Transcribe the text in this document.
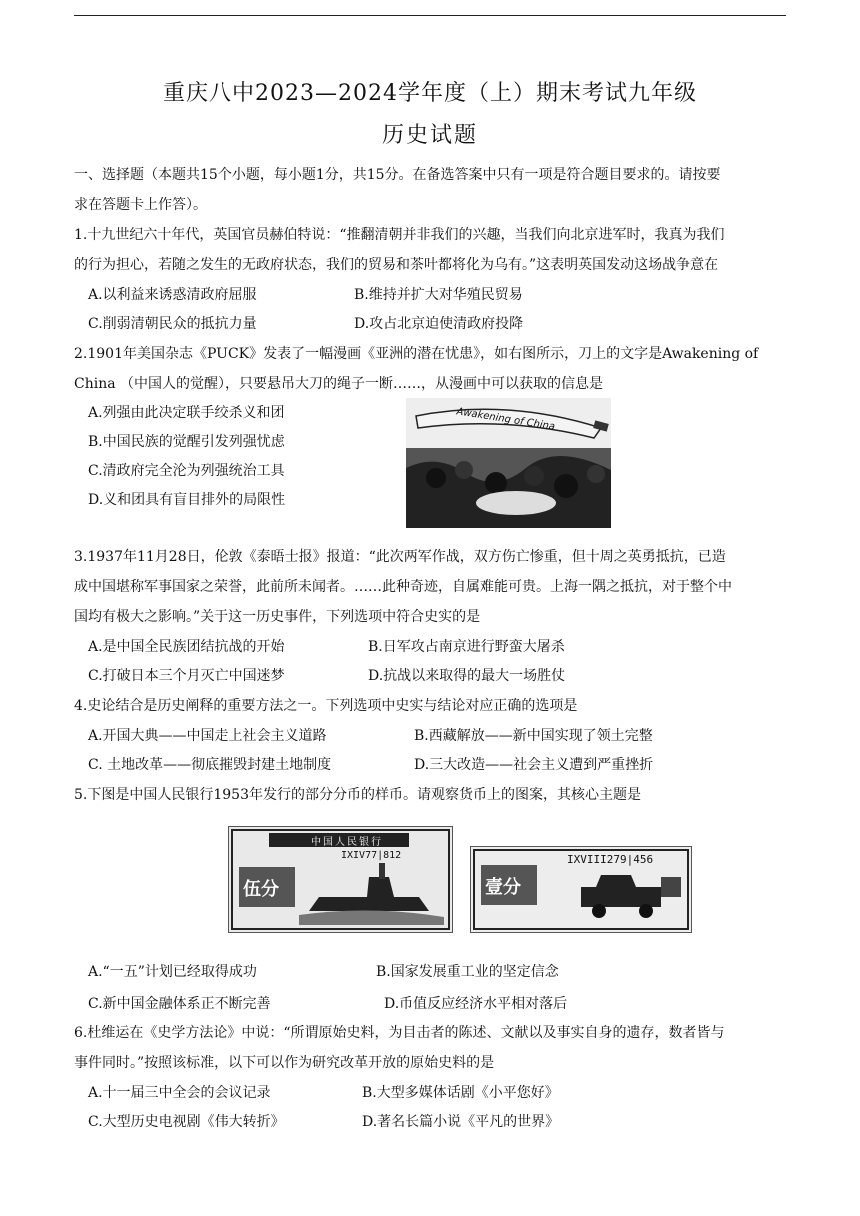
重庆八中2023—2024学年度（上）期末考试九年级
历史试题
一、选择题（本题共15个小题，每小题1分，共15分。在备选答案中只有一项是符合题目要求的。请按要
求在答题卡上作答）。
1.十九世纪六十年代，英国官员赫伯特说：“推翻清朝并非我们的兴趣，当我们向北京进军时，我真为我们
的行为担心，若随之发生的无政府状态，我们的贸易和茶叶都将化为乌有。”这表明英国发动这场战争意在
A.以利益来诱惑清政府屈服	B.维持并扩大对华殖民贸易
C.削弱清朝民众的抵抗力量	D.攻占北京迫使清政府投降
2.1901年美国杂志《PUCK》发表了一幅漫画《亚洲的潜在忧患》，如右图所示，刀上的文字是Awakening of
China （中国人的觉醒），只要悬吊大刀的绳子一断……，从漫画中可以获取的信息是
A.列强由此决定联手绞杀义和团
B.中国民族的觉醒引发列强忧虑
C.清政府完全沦为列强统治工具
D.义和团具有盲目排外的局限性
Awakening of China
3.1937年11月28日，伦敦《泰晤士报》报道：“此次两军作战，双方伤亡惨重，但十周之英勇抵抗，已造
成中国堪称军事国家之荣誉，此前所未闻者。……此种奇迹，自属难能可贵。上海一隅之抵抗，对于整个中
国均有极大之影响。”关于这一历史事件，下列选项中符合史实的是
A.是中国全民族团结抗战的开始	B.日军攻占南京进行野蛮大屠杀
C.打破日本三个月灭亡中国迷梦	D.抗战以来取得的最大一场胜仗
4.史论结合是历史阐释的重要方法之一。下列选项中史实与结论对应正确的选项是
A.开国大典——中国走上社会主义道路	B.西藏解放——新中国实现了领土完整
C. 土地改革——彻底摧毁封建土地制度	D.三大改造——社会主义遭到严重挫折
5.下图是中国人民银行1953年发行的部分分币的样币。请观察货币上的图案，其核心主题是
中国人民银行
IXIV77|812
伍分
IXVIII279|456
壹分
A.“一五”计划已经取得成功	B.国家发展重工业的坚定信念
C.新中国金融体系正不断完善	D.币值反应经济水平相对落后
6.杜维运在《史学方法论》中说：“所谓原始史料，为目击者的陈述、文献以及事实自身的遗存，数者皆与
事件同时。”按照该标准，以下可以作为研究改革开放的原始史料的是
A.十一届三中全会的会议记录	B.大型多媒体话剧《小平您好》
C.大型历史电视剧《伟大转折》	D.著名长篇小说《平凡的世界》
